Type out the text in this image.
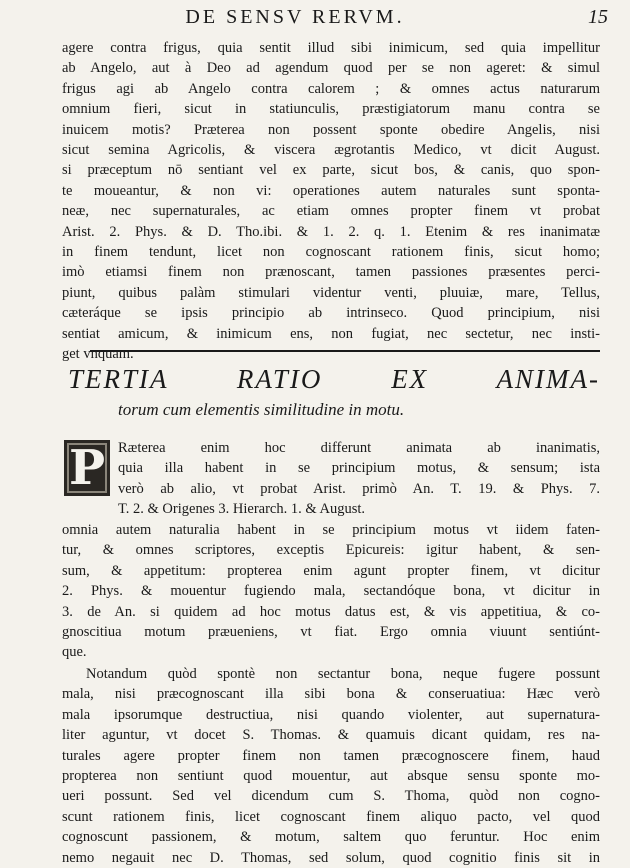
DE SENSV RERVM.	15
agere contra frigus, quia sentit illud sibi inimicum, sed quia impellitur
ab Angelo, aut à Deo ad agendum quod per se non ageret: & simul
frigus agi ab Angelo contra calorem ; & omnes actus naturarum
omnium fieri, sicut in statiunculis, præstigiatorum manu contra se
inuicem motis? Præterea non possent sponte obedire Angelis, nisi
sicut semina Agricolis, & viscera ægrotantis Medico, vt dicit August.
si præceptum nō sentiant vel ex parte, sicut bos, & canis, quo spon-
te moueantur, & non vi: operationes autem naturales sunt sponta-
neæ, nec supernaturales, ac etiam omnes propter finem vt probat
Arist. 2. Phys. & D. Tho.ibi. & 1. 2. q. 1. Etenim & res inanimatæ
in finem tendunt, licet non cognoscant rationem finis, sicut homo;
imò etiamsi finem non prænoscant, tamen passiones præsentes perci-
piunt, quibus palàm stimulari videntur venti, pluuiæ, mare, Tellus,
cæteráque se ipsis principio ab intrinseco. Quod principium, nisi
sentiat amicum, & inimicum ens, non fugiat, nec sectetur, nec insti-
get vnquam.
TERTIA RATIO EX ANIMA-
torum cum elementis similitudine in motu.
P Ræterea enim hoc differunt animata ab inanimatis,
quia illa habent in se principium motus, & sensum; ista
verò ab alio, vt probat Arist. primò An. T. 19. & Phys. 7.
T. 2. & Origenes 3. Hierarch. 1. & August.
omnia autem naturalia habent in se principium motus vt iidem faten-
tur, & omnes scriptores, exceptis Epicureis: igitur habent, & sen-
sum, & appetitum: propterea enim agunt propter finem, vt dicitur
2. Phys. & mouentur fugiendo mala, sectandóque bona, vt dicitur in
3. de An. si quidem ad hoc motus datus est, & vis appetitiua, & co-
gnoscitiua motum præueniens, vt fiat. Ergo omnia viuunt sentiúnt-
que.
Notandum quòd spontè non sectantur bona, neque fugere possunt
mala, nisi præcognoscant illa sibi bona & conseruatiua: Hæc verò
mala ipsorumque destructiua, nisi quando violenter, aut supernatura-
liter aguntur, vt docet S. Thomas. & quamuis dicant quidam, res na-
turales agere propter finem non tamen præcognoscere finem, haud
propterea non sentiunt quod mouentur, aut absque sensu sponte mo-
ueri possunt. Sed vel dicendum cum S. Thoma, quòd non cogno-
scunt rationem finis, licet cognoscant finem aliquo pacto, vel quod
cognoscunt passionem, & motum, saltem quo feruntur. Hoc enim
nemo negauit nec D. Thomas, sed solum, quod cognitio finis sit in
